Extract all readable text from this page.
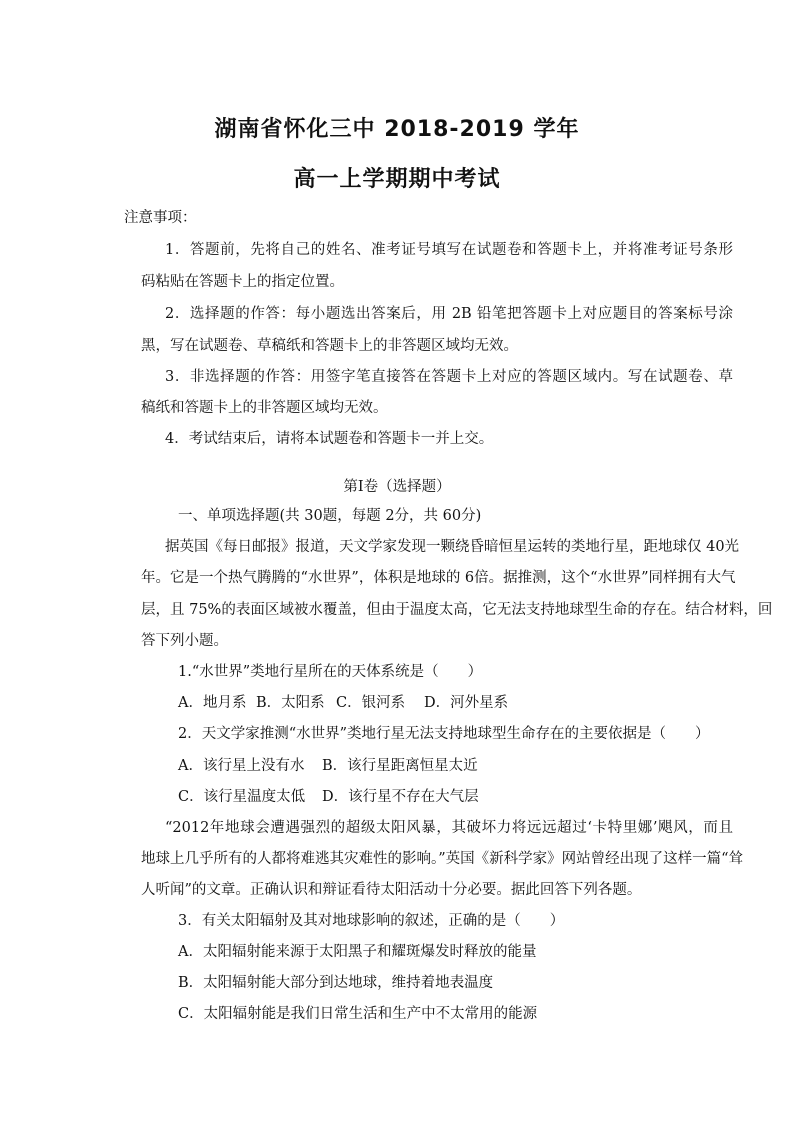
湖南省怀化三中 2018-2019 学年
高一上学期期中考试
注意事项：
1．答题前，先将自己的姓名、准考证号填写在试题卷和答题卡上，并将准考证号条形
码粘贴在答题卡上的指定位置。
2．选择题的作答：每小题选出答案后，用 2B 铅笔把答题卡上对应题目的答案标号涂
黑，写在试题卷、草稿纸和答题卡上的非答题区域均无效。
3．非选择题的作答：用签字笔直接答在答题卡上对应的答题区域内。写在试题卷、草
稿纸和答题卡上的非答题区域均无效。
4．考试结束后，请将本试题卷和答题卡一并上交。
第Ⅰ卷（选择题）
一、单项选择题(共 30题，每题 2分，共 60分)
据英国《每日邮报》报道，天文学家发现一颗绕昏暗恒星运转的类地行星，距地球仅 40光
年。它是一个热气腾腾的“水世界”，体积是地球的 6倍。据推测，这个“水世界”同样拥有大气
层，且 75%的表面区域被水覆盖，但由于温度太高，它无法支持地球型生命的存在。结合材料，回
答下列小题。
1.“水世界”类地行星所在的天体系统是（　　）
A．地月系 B．太阳系 C．银河系 D．河外星系
2．天文学家推测“水世界”类地行星无法支持地球型生命存在的主要依据是（　　）
A．该行星上没有水 B．该行星距离恒星太近
C．该行星温度太低 D．该行星不存在大气层
“2012年地球会遭遇强烈的超级太阳风暴，其破坏力将远远超过‘卡特里娜’飓风，而且
地球上几乎所有的人都将难逃其灾难性的影响。”英国《新科学家》网站曾经出现了这样一篇“耸
人听闻”的文章。正确认识和辩证看待太阳活动十分必要。据此回答下列各题。
3．有关太阳辐射及其对地球影响的叙述，正确的是（　　）
A．太阳辐射能来源于太阳黑子和耀斑爆发时释放的能量
B．太阳辐射能大部分到达地球，维持着地表温度
C．太阳辐射能是我们日常生活和生产中不太常用的能源
